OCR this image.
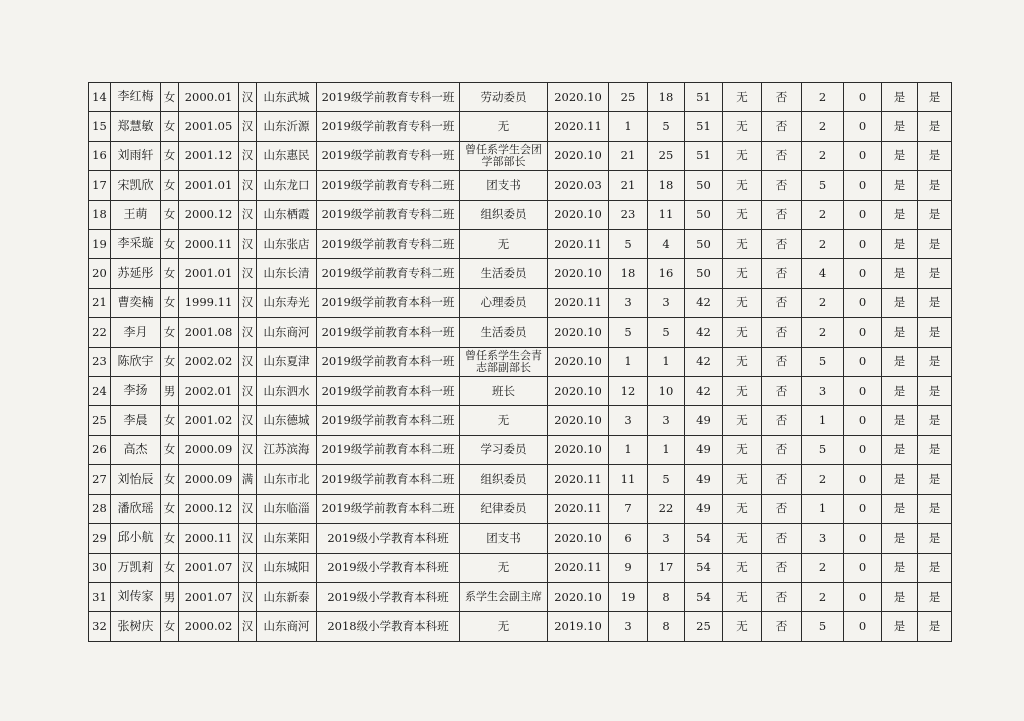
14	李红梅	女	2000.01	汉	山东武城	2019级学前教育专科一班	劳动委员	2020.10	25	18	51	无	否	2	0	是	是
15	郑慧敏	女	2001.05	汉	山东沂源	2019级学前教育专科一班	无	2020.11	1	5	51	无	否	2	0	是	是
16	刘雨轩	女	2001.12	汉	山东惠民	2019级学前教育专科一班	曾任系学生会团学部部长	2020.10	21	25	51	无	否	2	0	是	是
17	宋凯欣	女	2001.01	汉	山东龙口	2019级学前教育专科二班	团支书	2020.03	21	18	50	无	否	5	0	是	是
18	王萌	女	2000.12	汉	山东栖霞	2019级学前教育专科二班	组织委员	2020.10	23	11	50	无	否	2	0	是	是
19	李采璇	女	2000.11	汉	山东张店	2019级学前教育专科二班	无	2020.11	5	4	50	无	否	2	0	是	是
20	苏延彤	女	2001.01	汉	山东长清	2019级学前教育专科二班	生活委员	2020.10	18	16	50	无	否	4	0	是	是
21	曹奕楠	女	1999.11	汉	山东寿光	2019级学前教育本科一班	心理委员	2020.11	3	3	42	无	否	2	0	是	是
22	李月	女	2001.08	汉	山东商河	2019级学前教育本科一班	生活委员	2020.10	5	5	42	无	否	2	0	是	是
23	陈欣宇	女	2002.02	汉	山东夏津	2019级学前教育本科一班	曾任系学生会青志部副部长	2020.10	1	1	42	无	否	5	0	是	是
24	李扬	男	2002.01	汉	山东泗水	2019级学前教育本科一班	班长	2020.10	12	10	42	无	否	3	0	是	是
25	李晨	女	2001.02	汉	山东德城	2019级学前教育本科二班	无	2020.10	3	3	49	无	否	1	0	是	是
26	高杰	女	2000.09	汉	江苏滨海	2019级学前教育本科二班	学习委员	2020.10	1	1	49	无	否	5	0	是	是
27	刘怡辰	女	2000.09	满	山东市北	2019级学前教育本科二班	组织委员	2020.11	11	5	49	无	否	2	0	是	是
28	潘欣瑶	女	2000.12	汉	山东临淄	2019级学前教育本科二班	纪律委员	2020.11	7	22	49	无	否	1	0	是	是
29	邱小航	女	2000.11	汉	山东莱阳	2019级小学教育本科班	团支书	2020.10	6	3	54	无	否	3	0	是	是
30	万凯莉	女	2001.07	汉	山东城阳	2019级小学教育本科班	无	2020.11	9	17	54	无	否	2	0	是	是
31	刘传家	男	2001.07	汉	山东新泰	2019级小学教育本科班	系学生会副主席	2020.10	19	8	54	无	否	2	0	是	是
32	张树庆	女	2000.02	汉	山东商河	2018级小学教育本科班	无	2019.10	3	8	25	无	否	5	0	是	是
